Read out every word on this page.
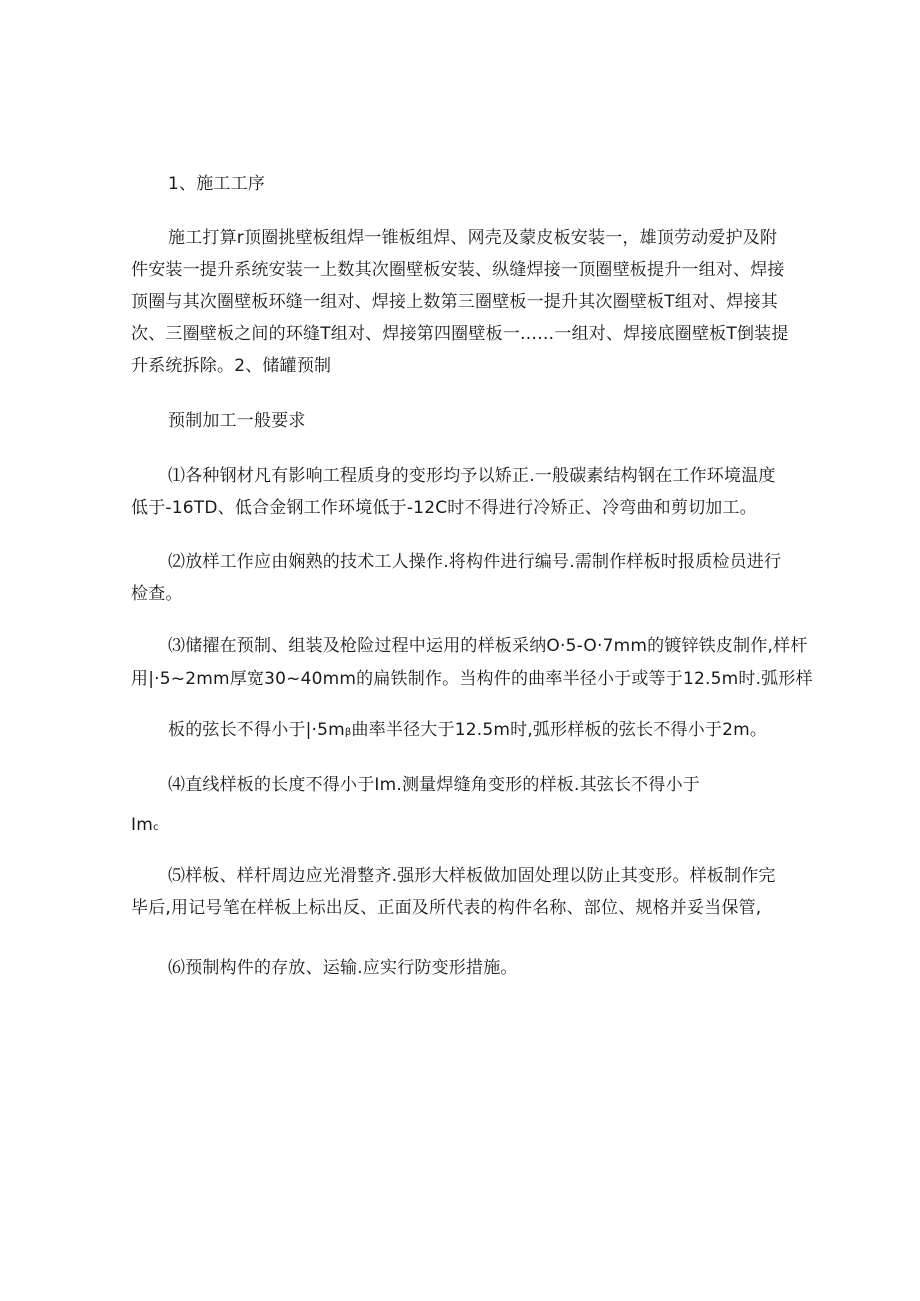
1、施工工序
施工打算r顶圈挑壁板组焊一锥板组焊、网壳及蒙皮板安装一，雄顶劳动爱护及附件安装一提升系统安装一上数其次圈壁板安装、纵缝焊接一顶圈壁板提升一组对、焊接顶圈与其次圈壁板环缝一组对、焊接上数第三圈壁板一提升其次圈壁板T组对、焊接其次、三圈壁板之间的环缝T组对、焊接第四圈壁板一……一组对、焊接底圈壁板T倒装提升系统拆除。2、储罐预制
预制加工一般要求
⑴各种钢材凡有影响工程质身的变形均予以矫正.一般碳素结构钢在工作环境温度低于-16TD、低合金钢工作环境低于-12C时不得进行冷矫正、冷弯曲和剪切加工。
⑵放样工作应由娴熟的技术工人操作.将构件进行编号.需制作样板时报质检员进行检查。
⑶储擢在预制、组装及枪险过程中运用的样板采纳O·5-O·7mm的镀锌铁皮制作,样杆
用|·5~2mm厚宽30~40mm的扁铁制作。当构件的曲率半径小于或等于12.5m时.弧形样
板的弦长不得小于|·5mβ曲率半径大于12.5m时,弧形样板的弦长不得小于2m。
⑷直线样板的长度不得小于Im.测量焊缝角变形的样板.其弦长不得小于
Imc
⑸样板、样杆周边应光滑整齐.强形大样板做加固处理以防止其变形。样板制作完毕后,用记号笔在样板上标出反、正面及所代表的构件名称、部位、规格并妥当保管,
⑹预制构件的存放、运输.应实行防变形措施。
